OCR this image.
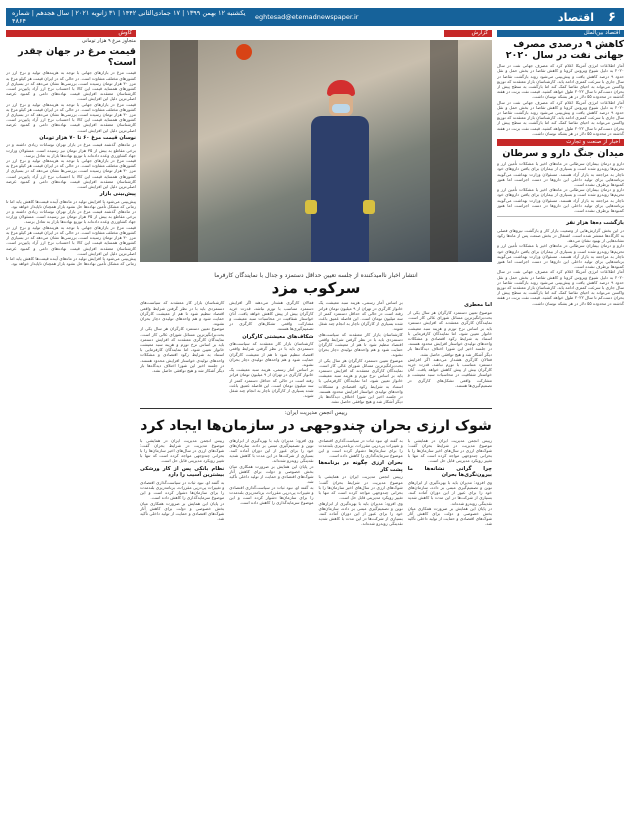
۶
اقتصاد
eghtesad@etemadnewspaper.ir
یکشنبه ۱۲ بهمن ۱۳۹۹ | ۱۷ جمادی‌الثانی ۱۴۴۲ | ۳۱ ژانویه ۲۰۲۱ | سال هجدهم | شماره ۴۸۶۴
اقتصاد بین‌الملل
کاهش ۹ درصدی مصرف جهانی نفت در سال ۲۰۲۰
آمار اطلاعات انرژی آمریکا اعلام کرد که مصرف جهانی نفت در سال ۲۰۲۰ به دلیل شیوع ویروس کرونا و کاهش تقاضا در بخش حمل و نقل حدود ۹ درصد کاهش یافت و پیش‌بینی می‌شود روند بازگشت تقاضا در سال جاری با سرعت کمتری ادامه یابد. کارشناسان بازار معتقدند که توزیع واکسن می‌تواند به احیای تقاضا کمک کند اما بازگشت به سطح پیش از بحران دست‌کم تا سال ۲۰۲۲ طول خواهد کشید. قیمت نفت برنت در هفته گذشته در محدوده ۵۵ دلار در هر بشکه نوسان داشت.
آمار اطلاعات انرژی آمریکا اعلام کرد که مصرف جهانی نفت در سال ۲۰۲۰ به دلیل شیوع ویروس کرونا و کاهش تقاضا در بخش حمل و نقل حدود ۹ درصد کاهش یافت و پیش‌بینی می‌شود روند بازگشت تقاضا در سال جاری با سرعت کمتری ادامه یابد. کارشناسان بازار معتقدند که توزیع واکسن می‌تواند به احیای تقاضا کمک کند اما بازگشت به سطح پیش از بحران دست‌کم تا سال ۲۰۲۲ طول خواهد کشید. قیمت نفت برنت در هفته گذشته در محدوده ۵۵ دلار در هر بشکه نوسان داشت.
اخبار از صنعت و تجارت
میدان جنگ دارو و سرطان
دارو و درمان بیماران سرطانی در ماه‌های اخیر با مشکلات تأمین ارز و تحریم‌ها روبه‌رو شده است و بسیاری از بیماران برای یافتن داروهای خود ناچار به مراجعه به بازار آزاد هستند. مسئولان وزارت بهداشت می‌گویند برنامه‌هایی برای تولید داخلی این داروها در دست اجراست اما هنوز کمبودها برطرف نشده است.
دارو و درمان بیماران سرطانی در ماه‌های اخیر با مشکلات تأمین ارز و تحریم‌ها روبه‌رو شده است و بسیاری از بیماران برای یافتن داروهای خود ناچار به مراجعه به بازار آزاد هستند. مسئولان وزارت بهداشت می‌گویند برنامه‌هایی برای تولید داخلی این داروها در دست اجراست اما هنوز کمبودها برطرف نشده است.
بازگشت ده‌ها هزار نفر
در این بخش گزارش‌هایی از وضعیت بازار کار و بازگشت نیروهای فصلی به کارگاه‌ها منتشر شده است. اشتغال در بخش صنعت پس از ماه‌ها رکود نشانه‌هایی از بهبود نشان می‌دهد.
دارو و درمان بیماران سرطانی در ماه‌های اخیر با مشکلات تأمین ارز و تحریم‌ها روبه‌رو شده است و بسیاری از بیماران برای یافتن داروهای خود ناچار به مراجعه به بازار آزاد هستند. مسئولان وزارت بهداشت می‌گویند برنامه‌هایی برای تولید داخلی این داروها در دست اجراست اما هنوز کمبودها برطرف نشده است.
آمار اطلاعات انرژی آمریکا اعلام کرد که مصرف جهانی نفت در سال ۲۰۲۰ به دلیل شیوع ویروس کرونا و کاهش تقاضا در بخش حمل و نقل حدود ۹ درصد کاهش یافت و پیش‌بینی می‌شود روند بازگشت تقاضا در سال جاری با سرعت کمتری ادامه یابد. کارشناسان بازار معتقدند که توزیع واکسن می‌تواند به احیای تقاضا کمک کند اما بازگشت به سطح پیش از بحران دست‌کم تا سال ۲۰۲۲ طول خواهد کشید. قیمت نفت برنت در هفته گذشته در محدوده ۵۵ دلار در هر بشکه نوسان داشت.
گزارش
انتشار اخبار ناامیدکننده از جلسه تعیین حداقل دستمزد و جدال با نمایندگان کارفرما
سرکوب مزد
اما معطری
موضوع تعیین دستمزد کارگران هر سال یکی از بحث‌برانگیزترین مسائل شورای عالی کار است. نمایندگان کارگری معتقدند که افزایش دستمزد باید بر اساس نرخ تورم و هزینه سبد معیشت خانوار تعیین شود، اما نمایندگان کارفرمایی با استناد به شرایط رکود اقتصادی و مشکلات واحدهای تولیدی خواستار افزایش محدود هستند. در جلسه اخیر این شورا اختلاف دیدگاه‌ها بار دیگر آشکار شد و هیچ توافقی حاصل نشد.
فعالان کارگری هشدار می‌دهند اگر افزایش دستمزد متناسب با تورم نباشد، قدرت خرید کارگران بیش از پیش کاهش خواهد یافت. آنان خواستار شفافیت در محاسبات سبد معیشت و مشارکت واقعی تشکل‌های کارگری در تصمیم‌گیری‌ها هستند.
بر اساس آمار رسمی، هزینه سبد معیشت یک خانوار کارگری در تهران از ۹ میلیون تومان فراتر رفته است در حالی که حداقل دستمزد کمتر از سه میلیون تومان است. این فاصله عمیق باعث شده بسیاری از کارگران ناچار به انجام چند شغل شوند.
کارشناسان بازار کار معتقدند که سیاست‌های دستمزدی باید با در نظر گرفتن شرایط واقعی اقتصاد تنظیم شود تا هم از معیشت کارگران حمایت شود و هم واحدهای تولیدی دچار بحران نشوند.
موضوع تعیین دستمزد کارگران هر سال یکی از بحث‌برانگیزترین مسائل شورای عالی کار است. نمایندگان کارگری معتقدند که افزایش دستمزد باید بر اساس نرخ تورم و هزینه سبد معیشت خانوار تعیین شود، اما نمایندگان کارفرمایی با استناد به شرایط رکود اقتصادی و مشکلات واحدهای تولیدی خواستار افزایش محدود هستند. در جلسه اخیر این شورا اختلاف دیدگاه‌ها بار دیگر آشکار شد و هیچ توافقی حاصل نشد.
فعالان کارگری هشدار می‌دهند اگر افزایش دستمزد متناسب با تورم نباشد، قدرت خرید کارگران بیش از پیش کاهش خواهد یافت. آنان خواستار شفافیت در محاسبات سبد معیشت و مشارکت واقعی تشکل‌های کارگری در تصمیم‌گیری‌ها هستند.
شکاف‌های معیشتی کارگران
کارشناسان بازار کار معتقدند که سیاست‌های دستمزدی باید با در نظر گرفتن شرایط واقعی اقتصاد تنظیم شود تا هم از معیشت کارگران حمایت شود و هم واحدهای تولیدی دچار بحران نشوند.
بر اساس آمار رسمی، هزینه سبد معیشت یک خانوار کارگری در تهران از ۹ میلیون تومان فراتر رفته است در حالی که حداقل دستمزد کمتر از سه میلیون تومان است. این فاصله عمیق باعث شده بسیاری از کارگران ناچار به انجام چند شغل شوند.
کارشناسان بازار کار معتقدند که سیاست‌های دستمزدی باید با در نظر گرفتن شرایط واقعی اقتصاد تنظیم شود تا هم از معیشت کارگران حمایت شود و هم واحدهای تولیدی دچار بحران نشوند.
موضوع تعیین دستمزد کارگران هر سال یکی از بحث‌برانگیزترین مسائل شورای عالی کار است. نمایندگان کارگری معتقدند که افزایش دستمزد باید بر اساس نرخ تورم و هزینه سبد معیشت خانوار تعیین شود، اما نمایندگان کارفرمایی با استناد به شرایط رکود اقتصادی و مشکلات واحدهای تولیدی خواستار افزایش محدود هستند. در جلسه اخیر این شورا اختلاف دیدگاه‌ها بار دیگر آشکار شد و هیچ توافقی حاصل نشد.
رییس انجمن مدیریت ایران:
شوک ارزی بحران چندوجهی در سازمان‌ها ایجاد کرد
رییس انجمن مدیریت ایران در همایشی با موضوع مدیریت در شرایط بحران گفت: شوک‌های ارزی در سال‌های اخیر سازمان‌ها را با بحرانی چندوجهی مواجه کرده است که تنها با تغییر رویکرد مدیریتی قابل حل است.
چرا گرانی نشانه‌ها ما بیرون‌نگری‌ها بحران
وی افزود: مدیران باید با بهره‌گیری از ابزارهای نوین و تصمیم‌گیری مبتنی بر داده، سازمان‌های خود را برای عبور از این دوران آماده کنند. بسیاری از شرکت‌ها در این مدت با کاهش شدید نقدینگی روبه‌رو شده‌اند.
در پایان این همایش بر ضرورت همکاری میان بخش خصوصی و دولت برای کاهش آثار شوک‌های اقتصادی و حمایت از تولید داخلی تأکید شد.
به گفته او، نبود ثبات در سیاست‌گذاری اقتصادی و تغییرات پی‌درپی مقررات، برنامه‌ریزی بلندمدت را برای سازمان‌ها دشوار کرده است و این موضوع سرمایه‌گذاری را کاهش داده است.
بحران ارزی چگونه در برنامه‌ها پشت کار
رییس انجمن مدیریت ایران در همایشی با موضوع مدیریت در شرایط بحران گفت: شوک‌های ارزی در سال‌های اخیر سازمان‌ها را با بحرانی چندوجهی مواجه کرده است که تنها با تغییر رویکرد مدیریتی قابل حل است.
وی افزود: مدیران باید با بهره‌گیری از ابزارهای نوین و تصمیم‌گیری مبتنی بر داده، سازمان‌های خود را برای عبور از این دوران آماده کنند. بسیاری از شرکت‌ها در این مدت با کاهش شدید نقدینگی روبه‌رو شده‌اند.
وی افزود: مدیران باید با بهره‌گیری از ابزارهای نوین و تصمیم‌گیری مبتنی بر داده، سازمان‌های خود را برای عبور از این دوران آماده کنند. بسیاری از شرکت‌ها در این مدت با کاهش شدید نقدینگی روبه‌رو شده‌اند.
در پایان این همایش بر ضرورت همکاری میان بخش خصوصی و دولت برای کاهش آثار شوک‌های اقتصادی و حمایت از تولید داخلی تأکید شد.
به گفته او، نبود ثبات در سیاست‌گذاری اقتصادی و تغییرات پی‌درپی مقررات، برنامه‌ریزی بلندمدت را برای سازمان‌ها دشوار کرده است و این موضوع سرمایه‌گذاری را کاهش داده است.
رییس انجمن مدیریت ایران در همایشی با موضوع مدیریت در شرایط بحران گفت: شوک‌های ارزی در سال‌های اخیر سازمان‌ها را با بحرانی چندوجهی مواجه کرده است که تنها با تغییر رویکرد مدیریتی قابل حل است.
نظام بانکی پس از کار ورشکی بیشترین آسیب را دارد
به گفته او، نبود ثبات در سیاست‌گذاری اقتصادی و تغییرات پی‌درپی مقررات، برنامه‌ریزی بلندمدت را برای سازمان‌ها دشوار کرده است و این موضوع سرمایه‌گذاری را کاهش داده است.
در پایان این همایش بر ضرورت همکاری میان بخش خصوصی و دولت برای کاهش آثار شوک‌های اقتصادی و حمایت از تولید داخلی تأکید شد.
کاوش
متجاوز مرغ ۹ هزار تومانی
قیمت مرغ در جهان چقدر است؟
قیمت مرغ در بازارهای جهانی با توجه به هزینه‌های تولید و نرخ ارز در کشورهای مختلف متفاوت است. در حالی که در ایران قیمت هر کیلو مرغ به مرز ۳۰ هزار تومان رسیده است، بررسی‌ها نشان می‌دهد که در بسیاری از کشورهای همسایه قیمت این کالا با احتساب نرخ ارز آزاد پایین‌تر است. کارشناسان معتقدند افزایش قیمت نهاده‌های دامی و کمبود عرضه اصلی‌ترین دلیل این افزایش است.
قیمت مرغ در بازارهای جهانی با توجه به هزینه‌های تولید و نرخ ارز در کشورهای مختلف متفاوت است. در حالی که در ایران قیمت هر کیلو مرغ به مرز ۳۰ هزار تومان رسیده است، بررسی‌ها نشان می‌دهد که در بسیاری از کشورهای همسایه قیمت این کالا با احتساب نرخ ارز آزاد پایین‌تر است. کارشناسان معتقدند افزایش قیمت نهاده‌های دامی و کمبود عرضه اصلی‌ترین دلیل این افزایش است.
نوسان قیمت مرغ ۶۰ تا ۷۰ هزار تومان
در ماه‌های گذشته قیمت مرغ در بازار تهران نوسانات زیادی داشته و در برخی مقاطع به بیش از ۳۵ هزار تومان نیز رسیده است. مسئولان وزارت جهاد کشاورزی وعده داده‌اند با توزیع نهاده‌ها بازار به تعادل برسد.
قیمت مرغ در بازارهای جهانی با توجه به هزینه‌های تولید و نرخ ارز در کشورهای مختلف متفاوت است. در حالی که در ایران قیمت هر کیلو مرغ به مرز ۳۰ هزار تومان رسیده است، بررسی‌ها نشان می‌دهد که در بسیاری از کشورهای همسایه قیمت این کالا با احتساب نرخ ارز آزاد پایین‌تر است. کارشناسان معتقدند افزایش قیمت نهاده‌های دامی و کمبود عرضه اصلی‌ترین دلیل این افزایش است.
پیش‌بینی بازار
پیش‌بینی می‌شود با افزایش تولید در ماه‌های آینده قیمت‌ها کاهش یابد اما تا زمانی که مشکل تأمین نهاده‌ها حل نشود بازار همچنان ناپایدار خواهد بود.
در ماه‌های گذشته قیمت مرغ در بازار تهران نوسانات زیادی داشته و در برخی مقاطع به بیش از ۳۵ هزار تومان نیز رسیده است. مسئولان وزارت جهاد کشاورزی وعده داده‌اند با توزیع نهاده‌ها بازار به تعادل برسد.
قیمت مرغ در بازارهای جهانی با توجه به هزینه‌های تولید و نرخ ارز در کشورهای مختلف متفاوت است. در حالی که در ایران قیمت هر کیلو مرغ به مرز ۳۰ هزار تومان رسیده است، بررسی‌ها نشان می‌دهد که در بسیاری از کشورهای همسایه قیمت این کالا با احتساب نرخ ارز آزاد پایین‌تر است. کارشناسان معتقدند افزایش قیمت نهاده‌های دامی و کمبود عرضه اصلی‌ترین دلیل این افزایش است.
پیش‌بینی می‌شود با افزایش تولید در ماه‌های آینده قیمت‌ها کاهش یابد اما تا زمانی که مشکل تأمین نهاده‌ها حل نشود بازار همچنان ناپایدار خواهد بود.
